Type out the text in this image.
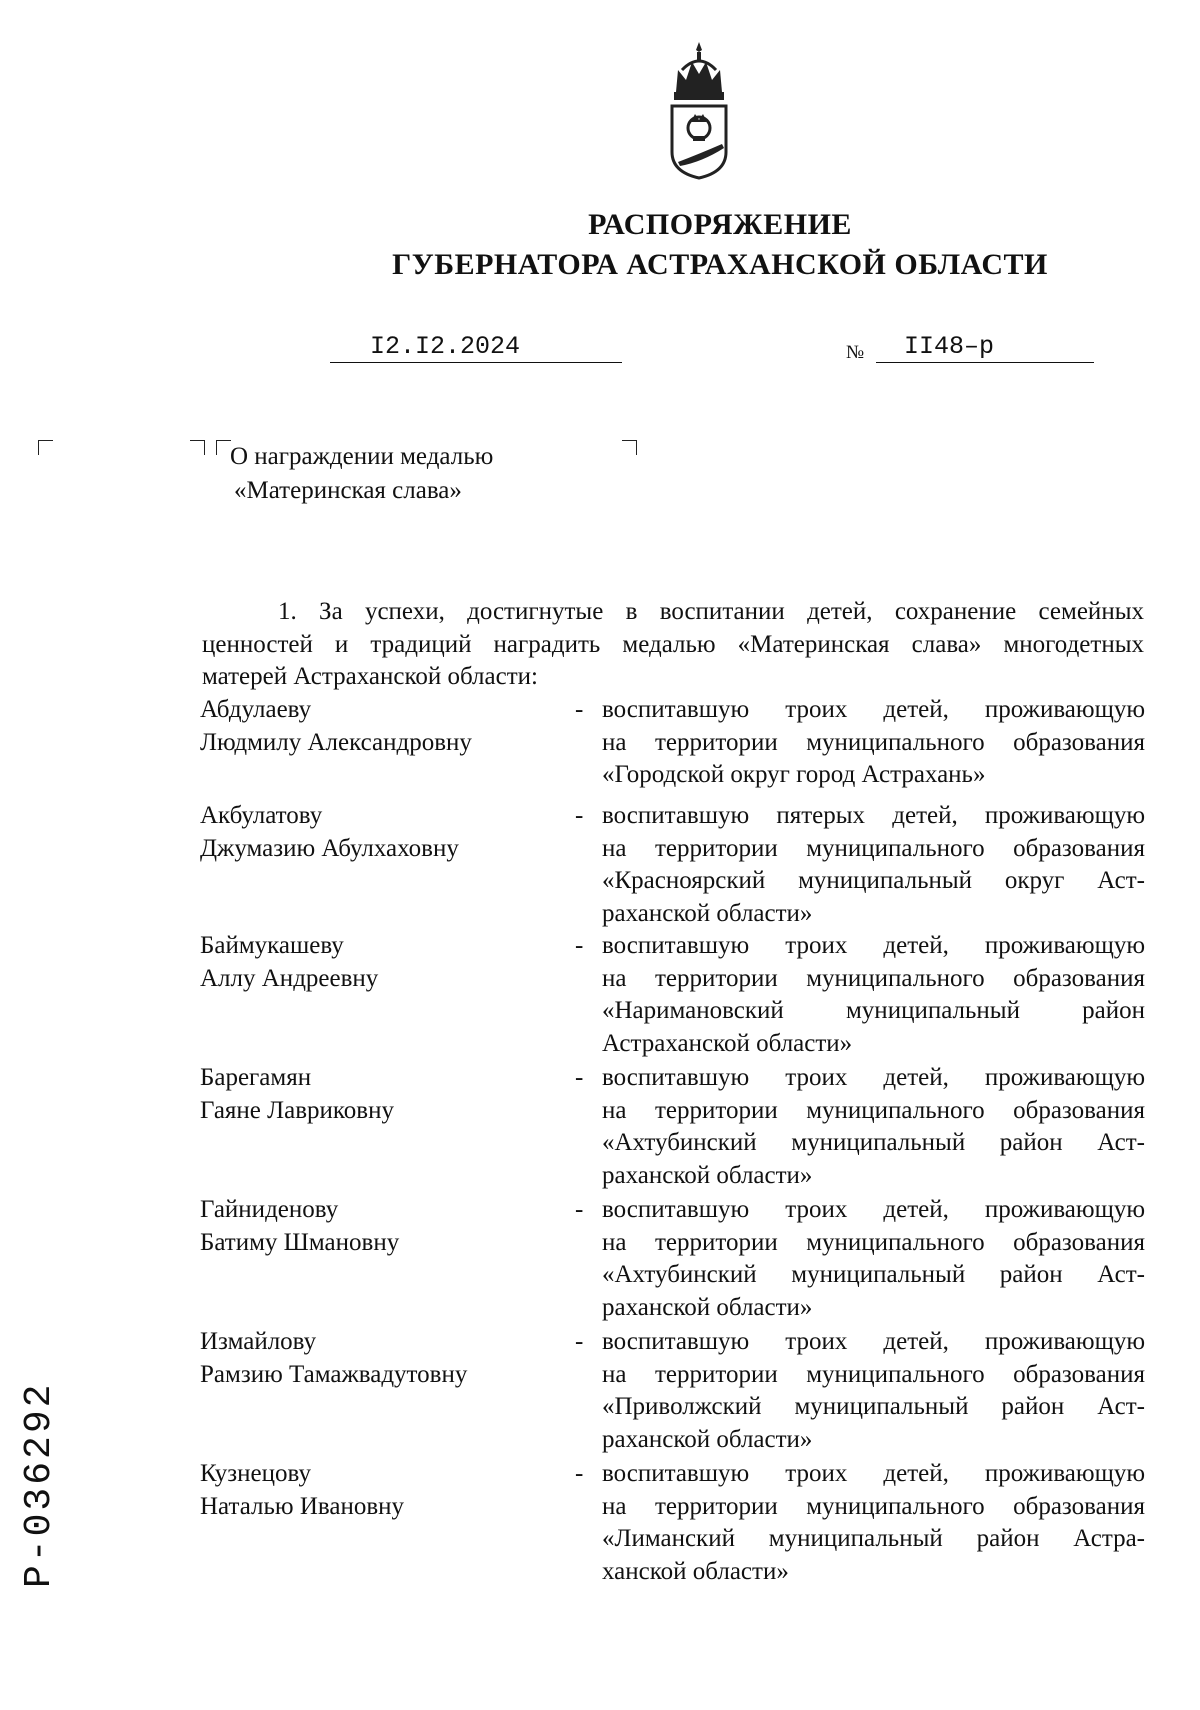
РАСПОРЯЖЕНИЕ
ГУБЕРНАТОРА АСТРАХАНСКОЙ ОБЛАСТИ
I2.I2.2024	№ II48–р
О награждении медалью
«Материнская слава»
1. За успехи, достигнутые в воспитании детей, сохранение семейных
ценностей и традиций наградить медалью «Материнская слава» многодетных
матерей Астраханской области:
Абдулаеву
Людмилу Александровну
- воспитавшую троих детей, проживающую
на территории муниципального образования
«Городской округ город Астрахань»
Акбулатову
Джумазию Абулхаховну
- воспитавшую пятерых детей, проживающую
на территории муниципального образования
«Красноярский муниципальный округ Аст-
раханской области»
Баймукашеву
Аллу Андреевну
- воспитавшую троих детей, проживающую
на территории муниципального образования
«Наримановский муниципальный район
Астраханской области»
Барегамян
Гаяне Лавриковну
- воспитавшую троих детей, проживающую
на территории муниципального образования
«Ахтубинский муниципальный район Аст-
раханской области»
Гайниденову
Батиму Шмановну
- воспитавшую троих детей, проживающую
на территории муниципального образования
«Ахтубинский муниципальный район Аст-
раханской области»
Измайлову
Рамзию Тамажвадутовну
- воспитавшую троих детей, проживающую
на территории муниципального образования
«Приволжский муниципальный район Аст-
раханской области»
Кузнецову
Наталью Ивановну
- воспитавшую троих детей, проживающую
на территории муниципального образования
«Лиманский муниципальный район Астра-
ханской области»
Р-036292
